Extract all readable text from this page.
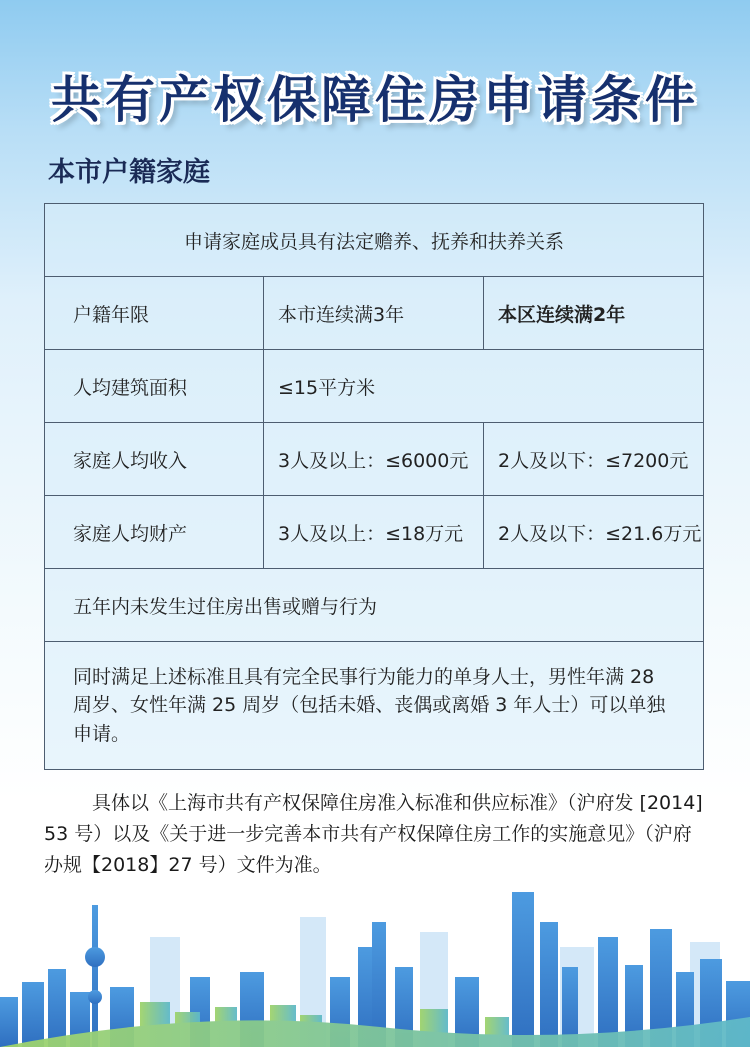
共有产权保障住房申请条件
本市户籍家庭
申请家庭成员具有法定赡养、抚养和扶养关系
户籍年限	本市连续满3年	本区连续满2年
人均建筑面积	≤15平方米
家庭人均收入	3人及以上：≤6000元	2人及以下：≤7200元
家庭人均财产	3人及以上：≤18万元	2人及以下：≤21.6万元
五年内未发生过住房出售或赠与行为
同时满足上述标准且具有完全民事行为能力的单身人士，男性年满 28 周岁、女性年满 25 周岁（包括未婚、丧偶或离婚 3 年人士）可以单独申请。
具体以《上海市共有产权保障住房准入标准和供应标准》（沪府发 [2014] 53 号）以及《关于进一步完善本市共有产权保障住房工作的实施意见》（沪府办规【2018】27 号）文件为准。
